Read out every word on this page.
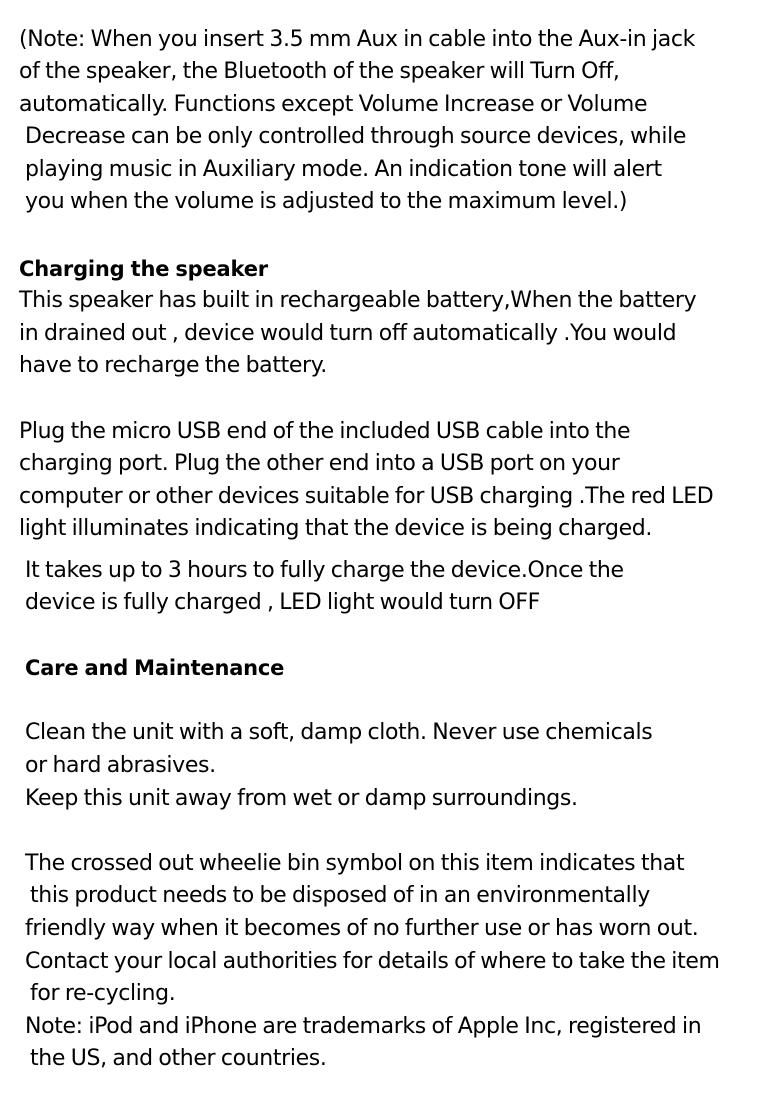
(Note: When you insert 3.5 mm Aux in cable into the Aux-in jack
of the speaker, the Bluetooth of the speaker will Turn Off,
automatically. Functions except Volume Increase or Volume
Decrease can be only controlled through source devices, while
playing music in Auxiliary mode. An indication tone will alert
you when the volume is adjusted to the maximum level.)
Charging the speaker
This speaker has built in rechargeable battery,When the battery
in drained out , device would turn off automatically .You would
have to recharge the battery.
Plug the micro USB end of the included USB cable into the
charging port. Plug the other end into a USB port on your
computer or other devices suitable for USB charging .The red LED
light illuminates indicating that the device is being charged.
It takes up to 3 hours to fully charge the device.Once the
device is fully charged , LED light would turn OFF
Care and Maintenance
Clean the unit with a soft, damp cloth. Never use chemicals
or hard abrasives.
Keep this unit away from wet or damp surroundings.
The crossed out wheelie bin symbol on this item indicates that
this product needs to be disposed of in an environmentally
friendly way when it becomes of no further use or has worn out.
Contact your local authorities for details of where to take the item
for re-cycling.
Note: iPod and iPhone are trademarks of Apple Inc, registered in
the US, and other countries.
